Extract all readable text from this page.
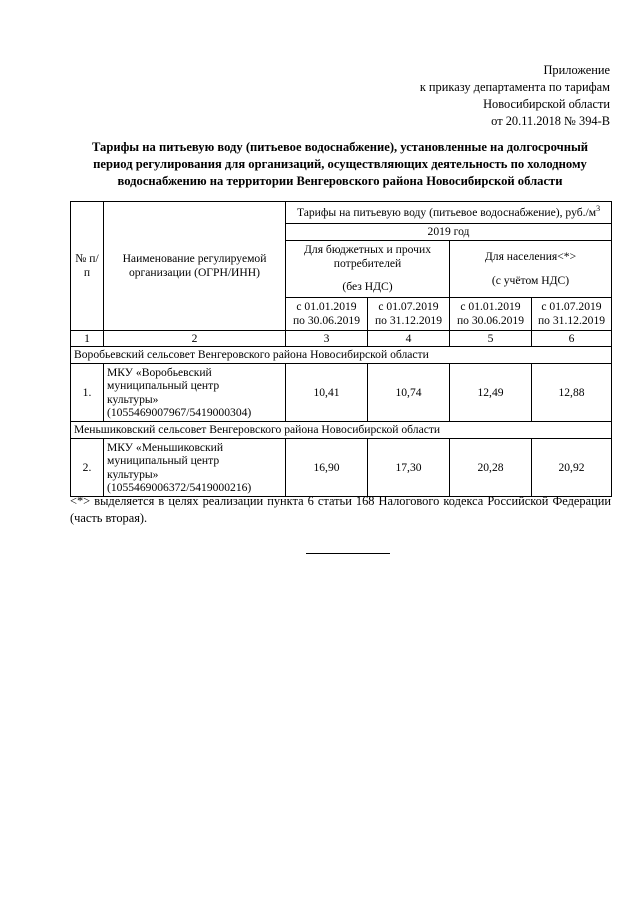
Приложение
к приказу департамента по тарифам
Новосибирской области
от 20.11.2018 № 394-В
Тарифы на питьевую воду (питьевое водоснабжение), установленные на долгосрочный
период регулирования для организаций, осуществляющих деятельность по холодному
водоснабжению на территории Венгеровского района Новосибирской области
№ п/п	Наименование регулируемой организации (ОГРН/ИНН)	Тарифы на питьевую воду (питьевое водоснабжение), $руб./м^3$
		2019 год			
		Для бюджетных и прочих потребителей
(без НДС)		Для населения<*>
(с учётом НДС)	
		с 01.01.2019 по 30.06.2019	с 01.07.2019 по 31.12.2019	с 01.01.2019 по 30.06.2019	с 01.07.2019 по 31.12.2019
1	2	3	4	5	6
Воробьевский сельсовет Венгеровского района Новосибирской области					
1.	МКУ «Воробьевский
муниципальный центр
культуры»
(1055469007967/5419000304)	10,41	10,74	12,49	12,88
Меньшиковский сельсовет Венгеровского района Новосибирской области					
2.	МКУ «Меньшиковский
муниципальный центр
культуры»
(1055469006372/5419000216)	16,90	17,30	20,28	20,92
<*> выделяется в целях реализации пункта 6 статьи 168 Налогового кодекса Российской Федерации (часть вторая).
